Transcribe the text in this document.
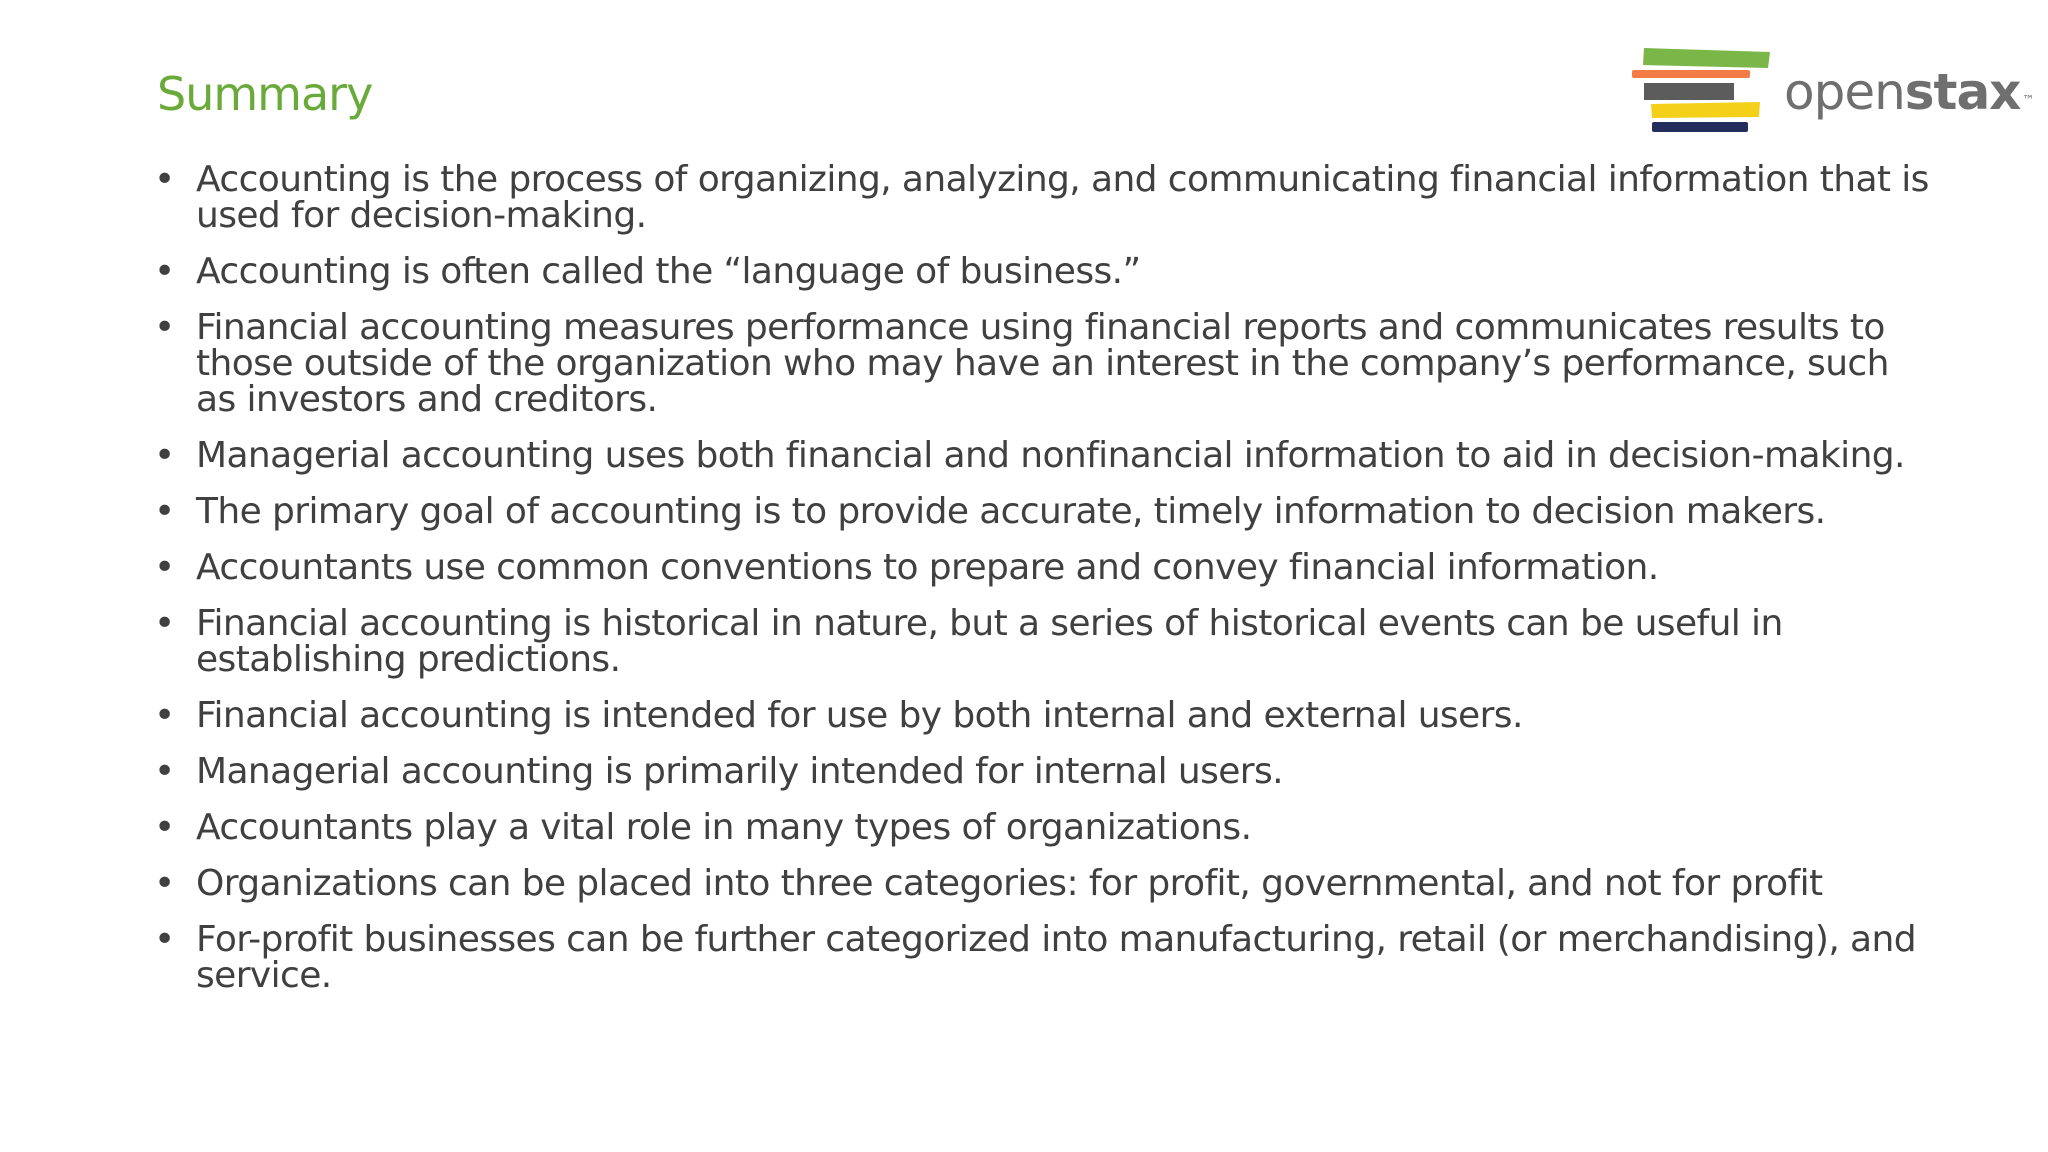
Summary	openstax ™
• Accounting is the process of organizing, analyzing, and communicating financial information that is used for decision-making.
• Accounting is often called the “language of business.”
• Financial accounting measures performance using financial reports and communicates results to those outside of the organization who may have an interest in the company’s performance, such as investors and creditors.
• Managerial accounting uses both financial and nonfinancial information to aid in decision-making.
• The primary goal of accounting is to provide accurate, timely information to decision makers.
• Accountants use common conventions to prepare and convey financial information.
• Financial accounting is historical in nature, but a series of historical events can be useful in establishing predictions.
• Financial accounting is intended for use by both internal and external users.
• Managerial accounting is primarily intended for internal users.
• Accountants play a vital role in many types of organizations.
• Organizations can be placed into three categories: for profit, governmental, and not for profit
• For-profit businesses can be further categorized into manufacturing, retail (or merchandising), and service.
